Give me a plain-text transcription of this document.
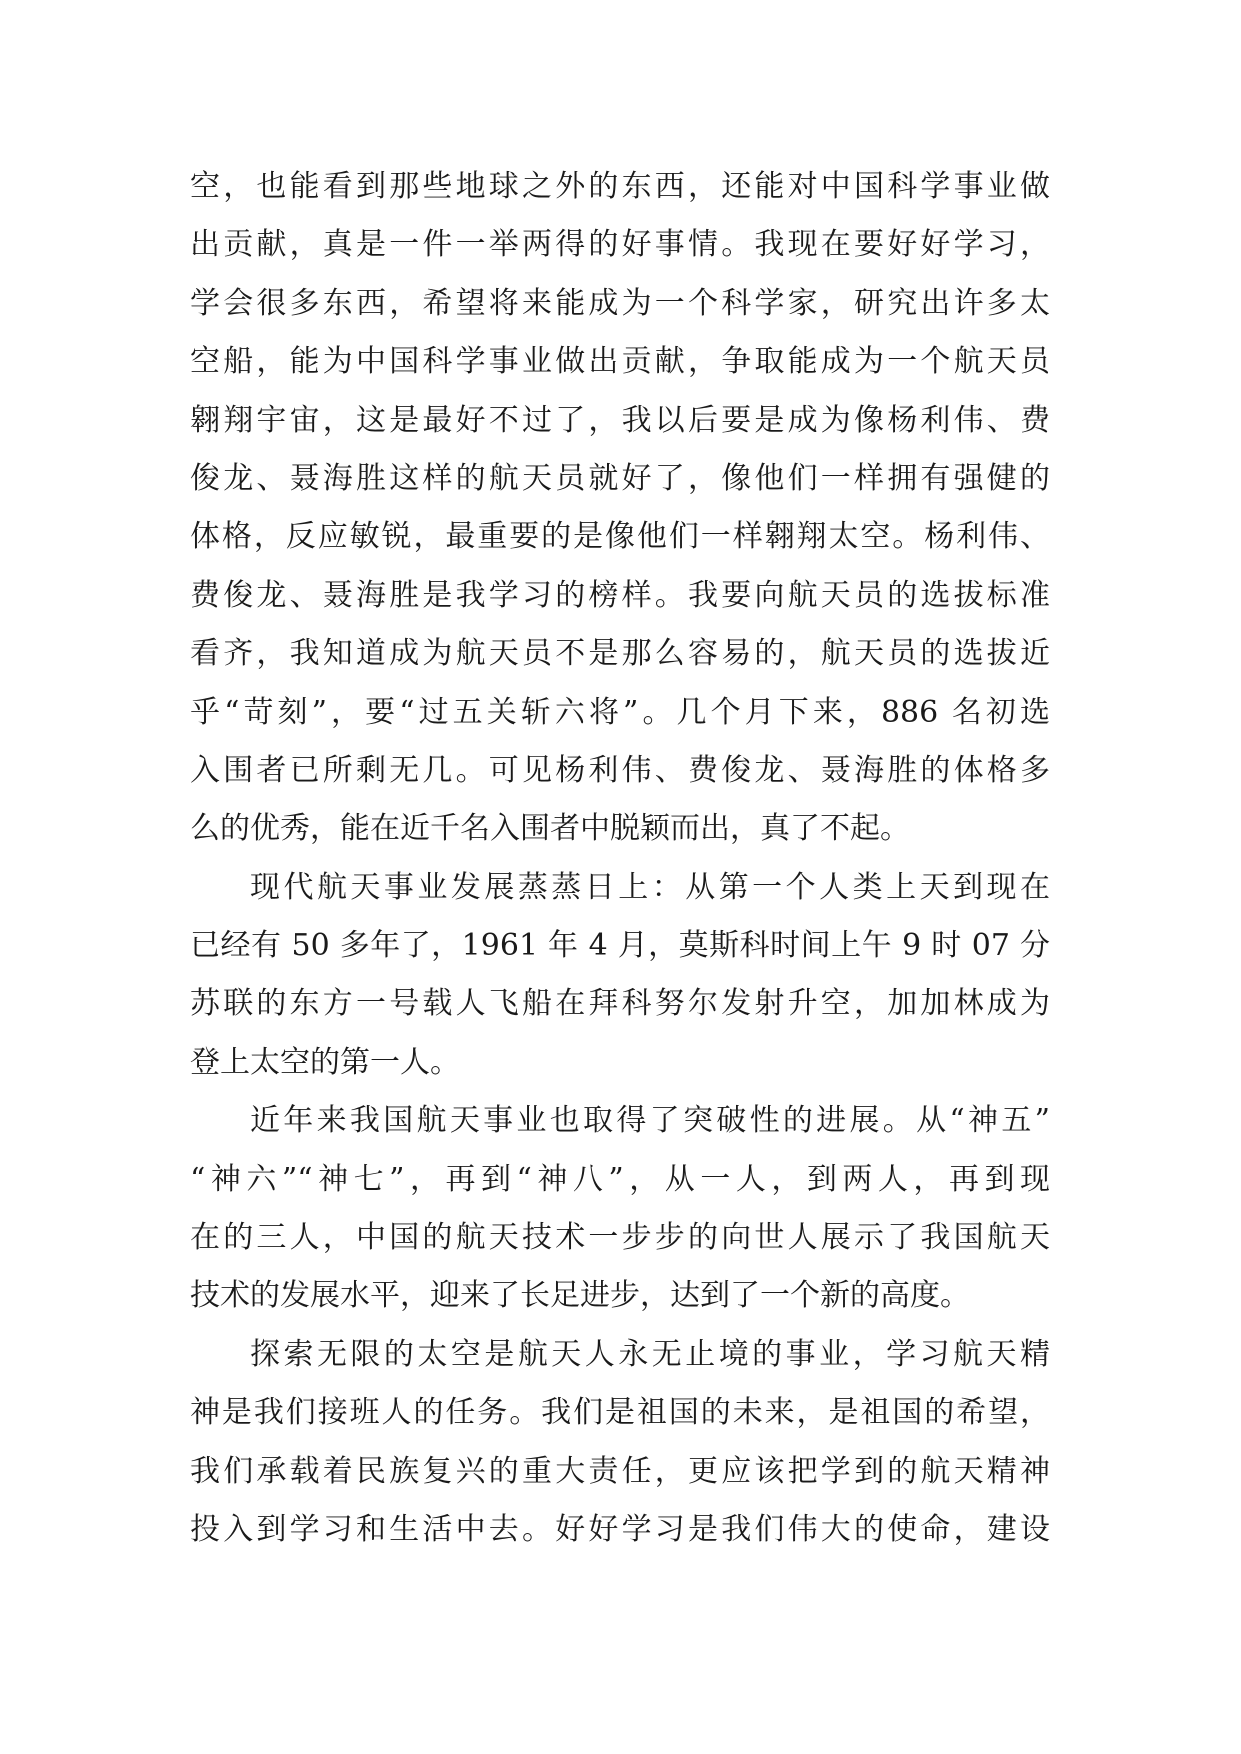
空，也能看到那些地球之外的东西，还能对中国科学事业做
出贡献，真是一件一举两得的好事情。我现在要好好学习，
学会很多东西，希望将来能成为一个科学家，研究出许多太
空船，能为中国科学事业做出贡献，争取能成为一个航天员
翱翔宇宙，这是最好不过了，我以后要是成为像杨利伟、费
俊龙、聂海胜这样的航天员就好了，像他们一样拥有强健的
体格，反应敏锐，最重要的是像他们一样翱翔太空。杨利伟、
费俊龙、聂海胜是我学习的榜样。我要向航天员的选拔标准
看齐，我知道成为航天员不是那么容易的，航天员的选拔近
乎“苛刻”，要“过五关斩六将”。几个月下来，886 名初选
入围者已所剩无几。可见杨利伟、费俊龙、聂海胜的体格多
么的优秀，能在近千名入围者中脱颖而出，真了不起。
现代航天事业发展蒸蒸日上：从第一个人类上天到现在
已经有 50 多年了，1961 年 4 月，莫斯科时间上午 9 时 07 分
苏联的东方一号载人飞船在拜科努尔发射升空，加加林成为
登上太空的第一人。
近年来我国航天事业也取得了突破性的进展。从“神五”
“神六”“神七”，再到“神八”，从一人，到两人，再到现
在的三人，中国的航天技术一步步的向世人展示了我国航天
技术的发展水平，迎来了长足进步，达到了一个新的高度。
探索无限的太空是航天人永无止境的事业，学习航天精
神是我们接班人的任务。我们是祖国的未来，是祖国的希望，
我们承载着民族复兴的重大责任，更应该把学到的航天精神
投入到学习和生活中去。好好学习是我们伟大的使命，建设
